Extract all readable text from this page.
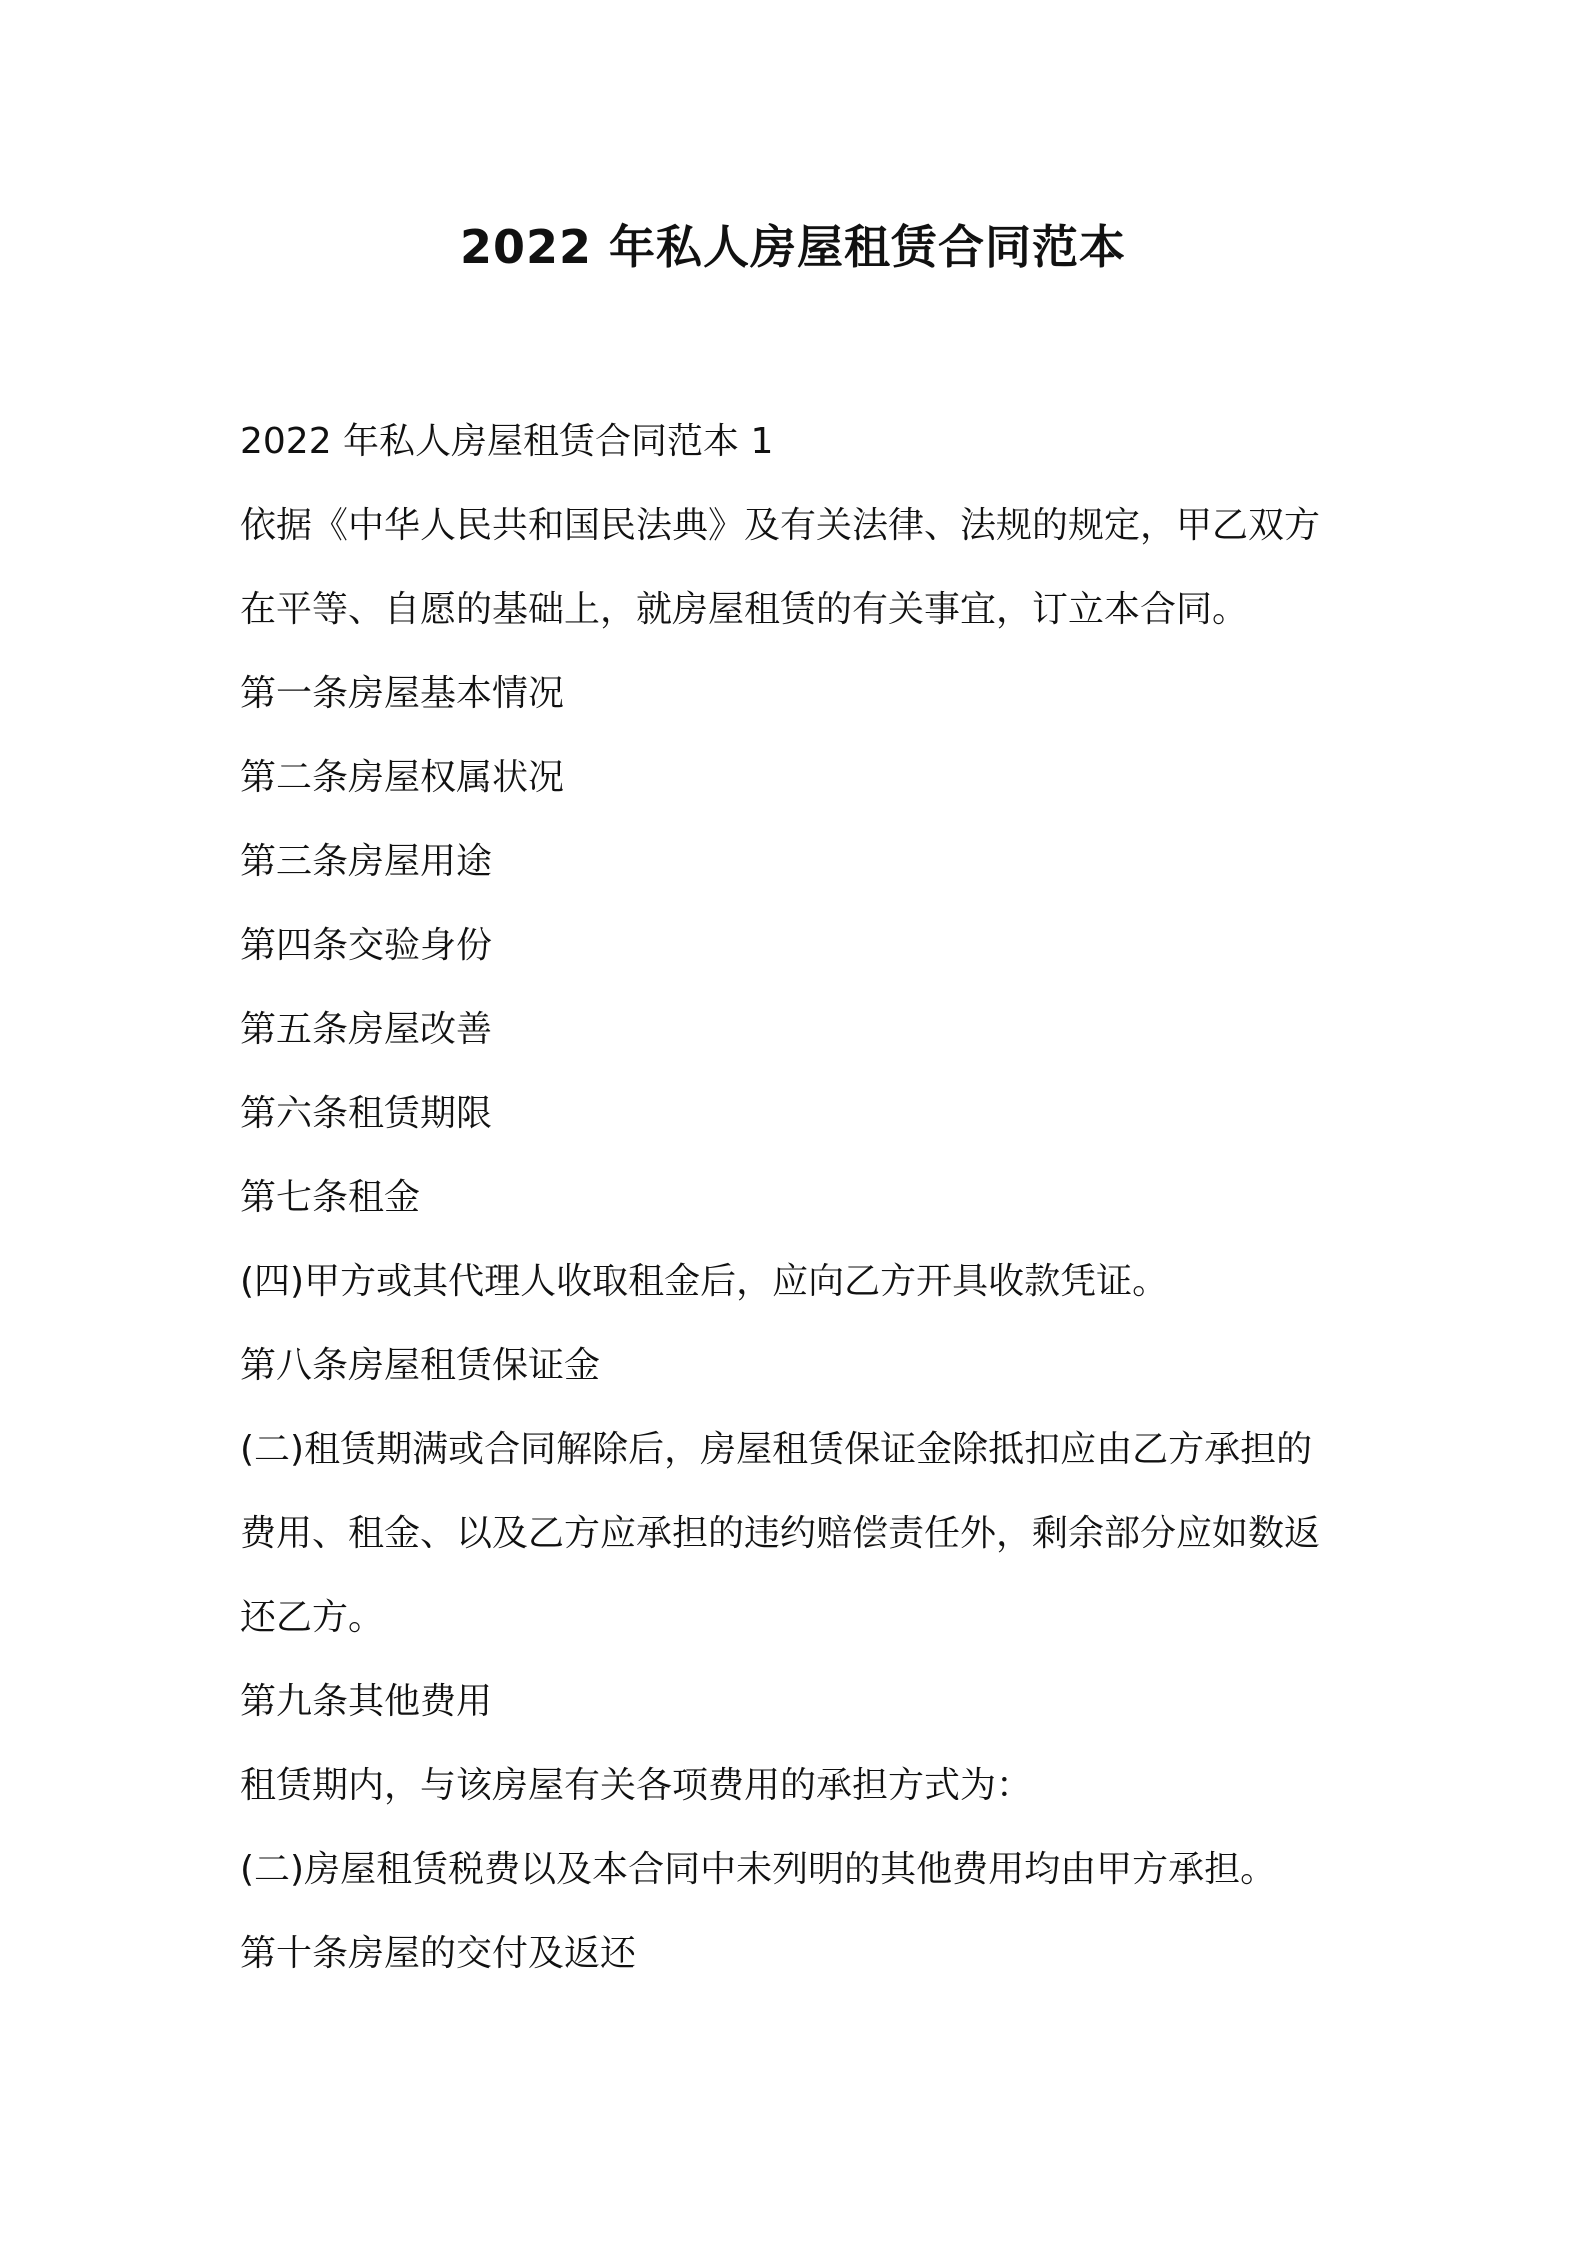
2022 年私人房屋租赁合同范本

2022 年私人房屋租赁合同范本 1

依据《中华人民共和国民法典》及有关法律、法规的规定，甲乙双方

在平等、自愿的基础上，就房屋租赁的有关事宜，订立本合同。

第一条房屋基本情况

第二条房屋权属状况

第三条房屋用途

第四条交验身份

第五条房屋改善

第六条租赁期限

第七条租金

(四)甲方或其代理人收取租金后，应向乙方开具收款凭证。

第八条房屋租赁保证金

(二)租赁期满或合同解除后，房屋租赁保证金除抵扣应由乙方承担的

费用、租金、以及乙方应承担的违约赔偿责任外，剩余部分应如数返

还乙方。

第九条其他费用

租赁期内，与该房屋有关各项费用的承担方式为：

(二)房屋租赁税费以及本合同中未列明的其他费用均由甲方承担。

第十条房屋的交付及返还
